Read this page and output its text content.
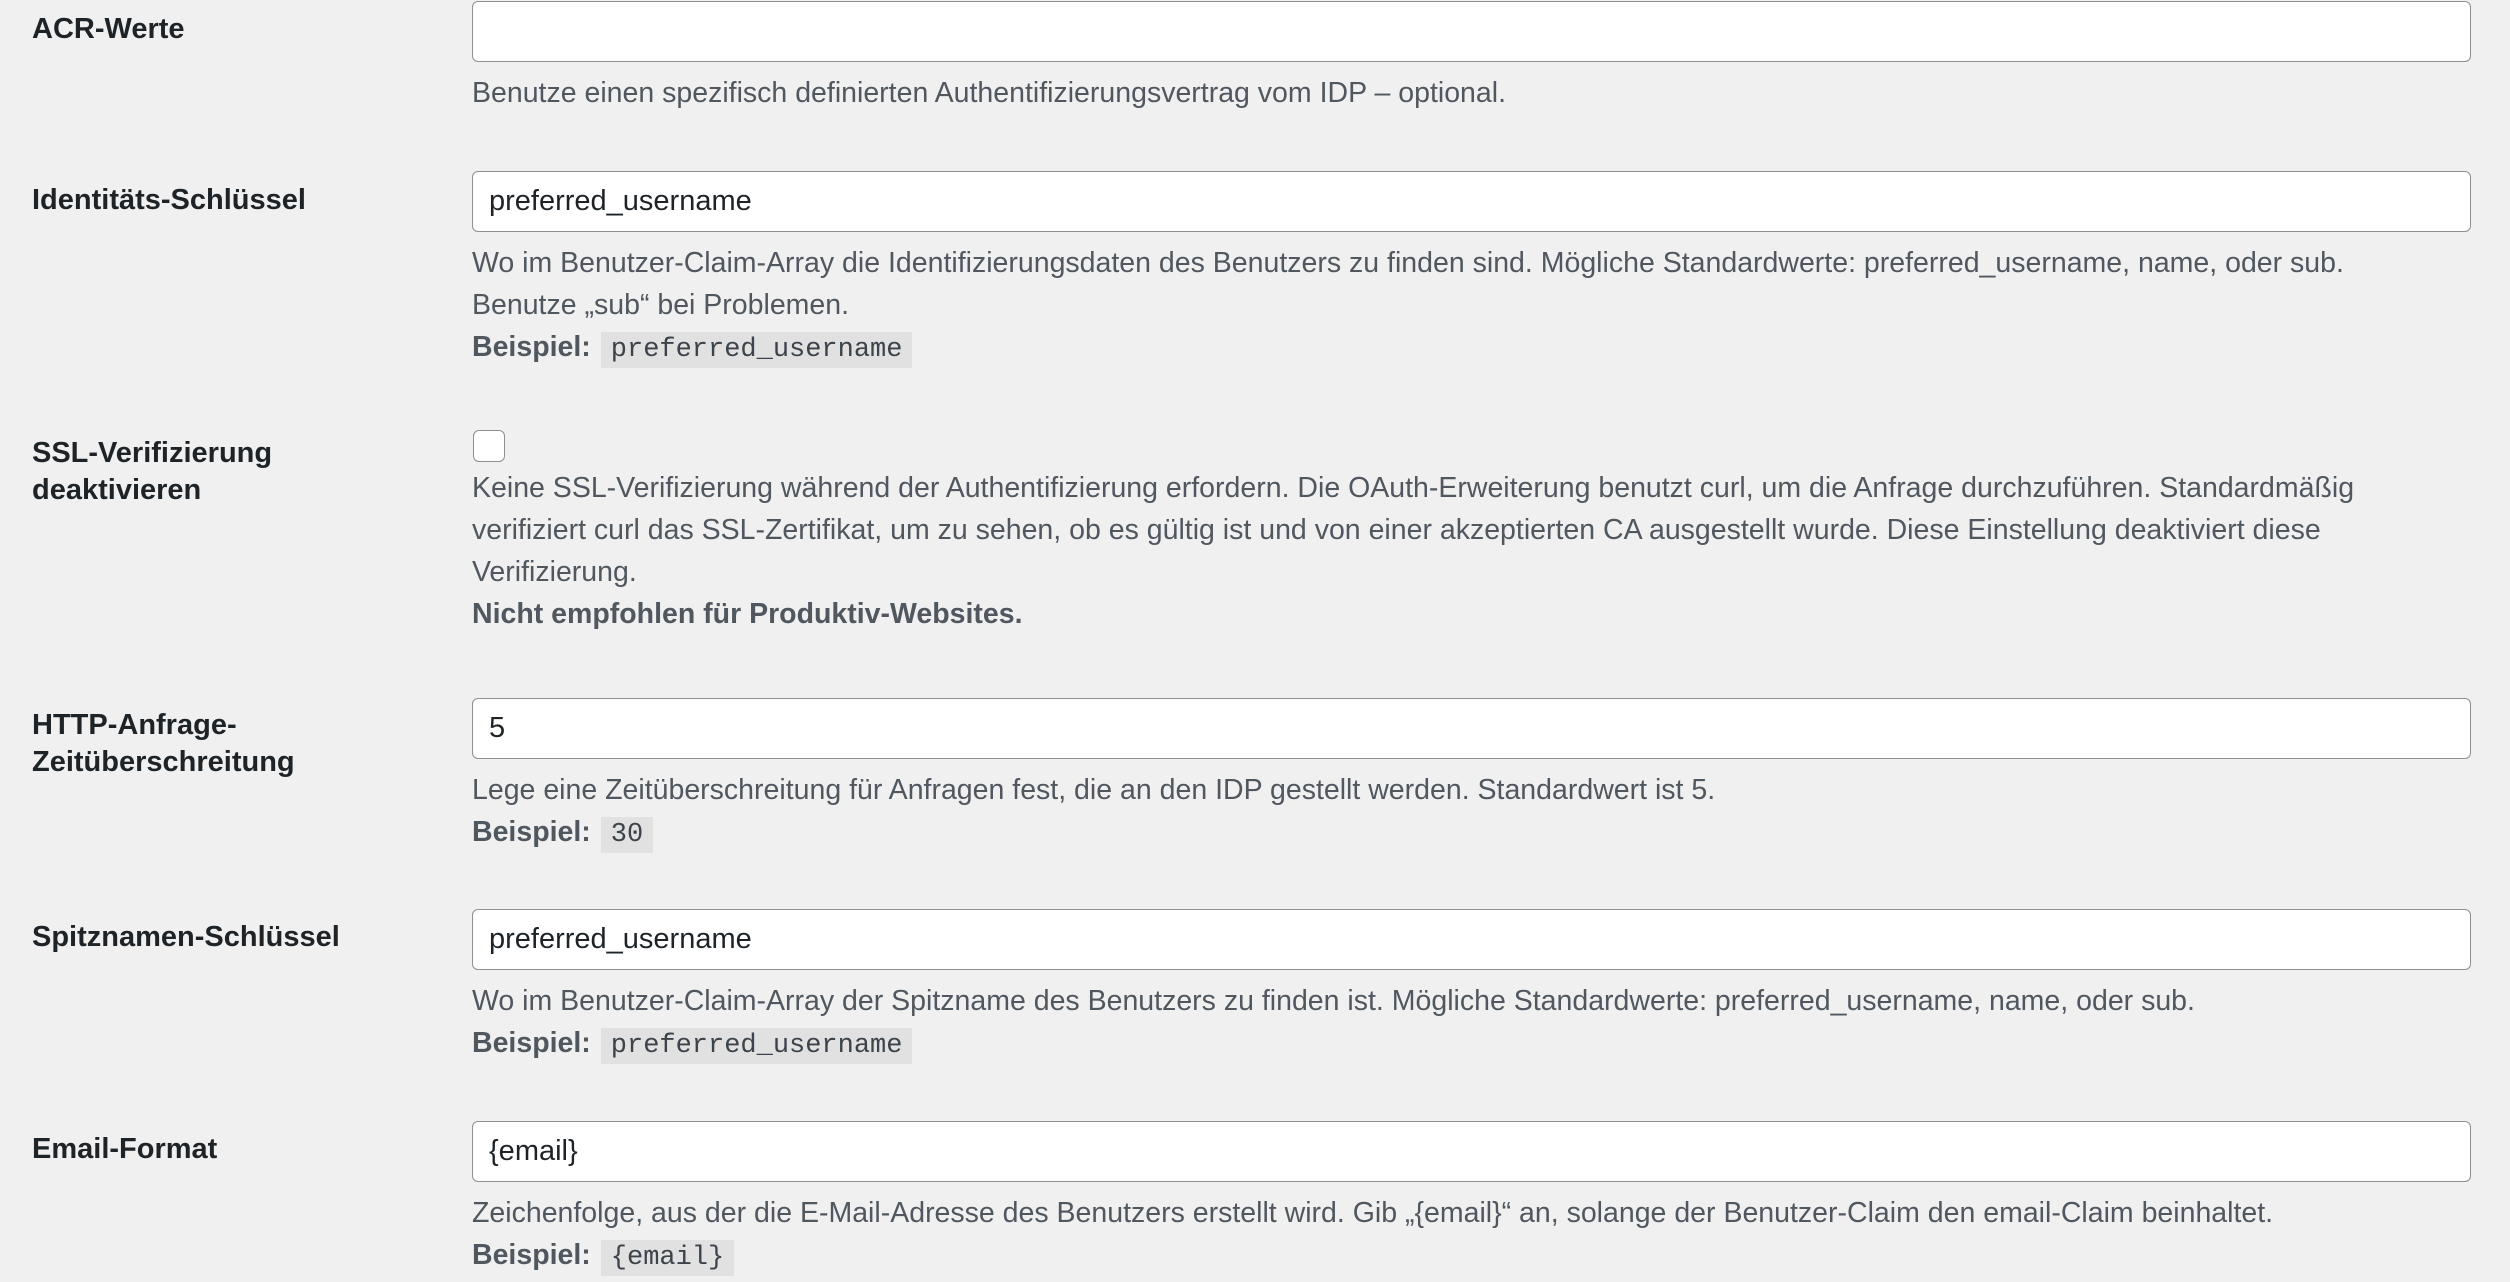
ACR-Werte

Benutze einen spezifisch definierten Authentifizierungsvertrag vom IDP – optional.

Identitäts-Schlüssel
preferred_username

Wo im Benutzer-Claim-Array die Identifizierungsdaten des Benutzers zu finden sind. Mögliche Standardwerte: preferred_username, name, oder sub.

Benutze „sub“ bei Problemen.

Beispiel: preferred_username

SSL-Verifizierung
deaktivieren	Keine SSL-Verifizierung während der Authentifizierung erfordern. Die OAuth-Erweiterung benutzt curl, um die Anfrage durchzuführen. Standardmäßig verifiziert curl das SSL-Zertifikat, um zu sehen, ob es gültig ist und von einer akzeptierten CA ausgestellt wurde. Diese Einstellung deaktiviert diese Verifizierung.

Nicht empfohlen für Produktiv-Websites.

HTTP-Anfrage-
Zeitüberschreitung
5

Lege eine Zeitüberschreitung für Anfragen fest, die an den IDP gestellt werden. Standardwert ist 5.

Beispiel: 30

Spitznamen-Schlüssel
preferred_username

Wo im Benutzer-Claim-Array der Spitzname des Benutzers zu finden ist. Mögliche Standardwerte: preferred_username, name, oder sub.

Beispiel: preferred_username

Email-Format
{email}

Zeichenfolge, aus der die E-Mail-Adresse des Benutzers erstellt wird. Gib „{email}“ an, solange der Benutzer-Claim den email-Claim beinhaltet.

Beispiel: {email}
